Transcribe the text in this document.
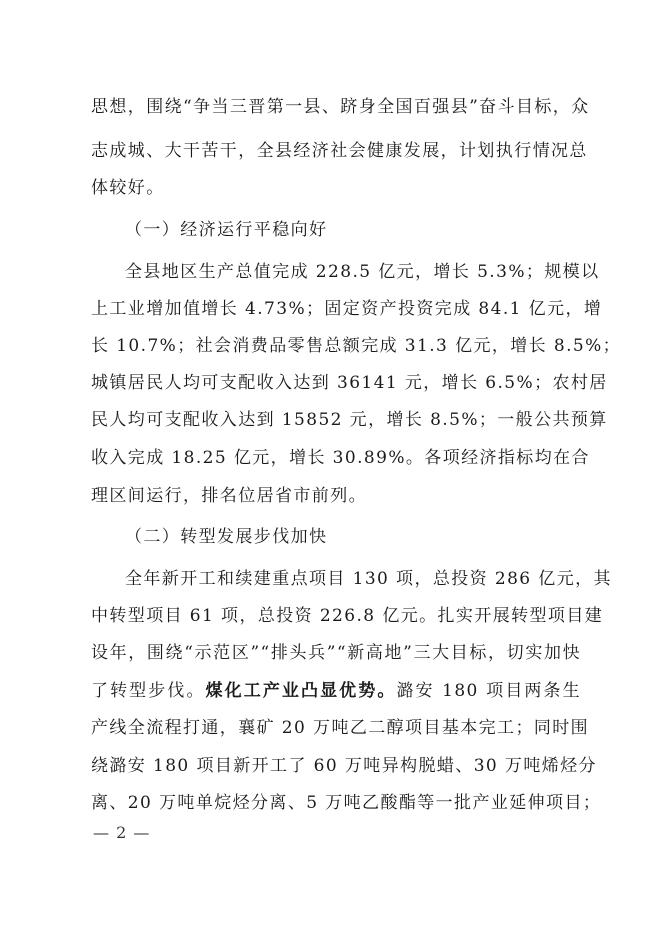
思想，围绕“争当三晋第一县、跻身全国百强县”奋斗目标，众
志成城、大干苦干，全县经济社会健康发展，计划执行情况总
体较好。
（一）经济运行平稳向好
全县地区生产总值完成 228.5 亿元，增长 5.3%；规模以
上工业增加值增长 4.73%；固定资产投资完成 84.1 亿元，增
长 10.7%；社会消费品零售总额完成 31.3 亿元，增长 8.5%；
城镇居民人均可支配收入达到 36141 元，增长 6.5%；农村居
民人均可支配收入达到 15852 元，增长 8.5%；一般公共预算
收入完成 18.25 亿元，增长 30.89%。各项经济指标均在合
理区间运行，排名位居省市前列。
（二）转型发展步伐加快
全年新开工和续建重点项目 130 项，总投资 286 亿元，其
中转型项目 61 项，总投资 226.8 亿元。扎实开展转型项目建
设年，围绕“示范区”“排头兵”“新高地”三大目标，切实加快
了转型步伐。煤化工产业凸显优势。潞安 180 项目两条生
产线全流程打通，襄矿 20 万吨乙二醇项目基本完工；同时围
绕潞安 180 项目新开工了 60 万吨异构脱蜡、30 万吨烯烃分
离、20 万吨单烷烃分离、5 万吨乙酸酯等一批产业延伸项目；
— 2 —
